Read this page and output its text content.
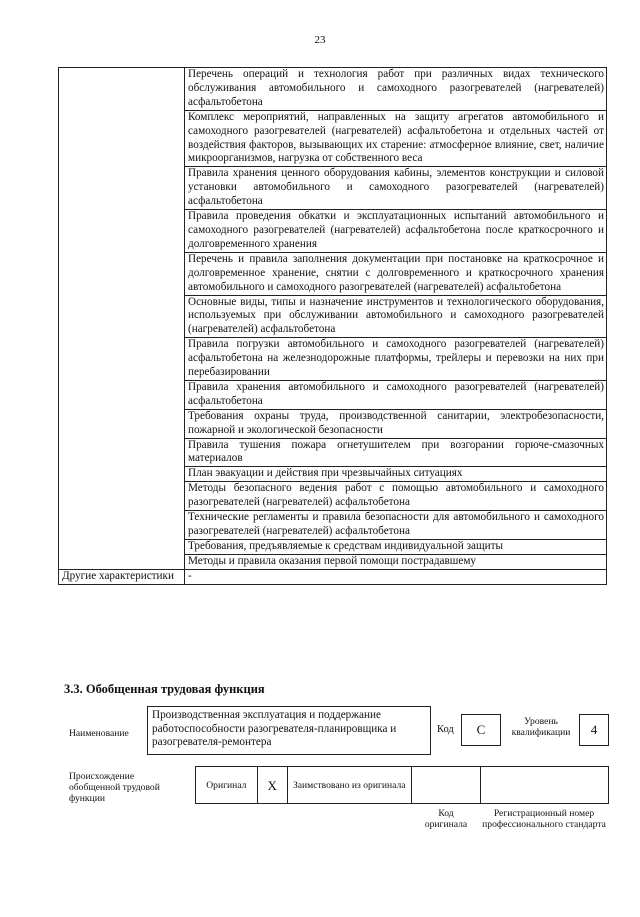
23
	Перечень операций и технология работ при различных видах технического обслуживания автомобильного и самоходного разогревателей (нагревателей) асфальтобетона
	Комплекс мероприятий, направленных на защиту агрегатов автомобильного и самоходного разогревателей (нагревателей) асфальтобетона и отдельных частей от воздействия факторов, вызывающих их старение: атмосферное влияние, свет, наличие микроорганизмов, нагрузка от собственного веса
	Правила хранения ценного оборудования кабины, элементов конструкции и силовой установки автомобильного и самоходного разогревателей (нагревателей) асфальтобетона
	Правила проведения обкатки и эксплуатационных испытаний автомобильного и самоходного разогревателей (нагревателей) асфальтобетона после краткосрочного и долговременного хранения
	Перечень и правила заполнения документации при постановке на краткосрочное и долговременное хранение, снятии с долговременного и краткосрочного хранения автомобильного и самоходного разогревателей (нагревателей) асфальтобетона
	Основные виды, типы и назначение инструментов и технологического оборудования, используемых при обслуживании автомобильного и самоходного разогревателей (нагревателей) асфальтобетона
	Правила погрузки автомобильного и самоходного разогревателей (нагревателей) асфальтобетона на железнодорожные платформы, трейлеры и перевозки на них при перебазировании
	Правила хранения автомобильного и самоходного разогревателей (нагревателей) асфальтобетона
	Требования охраны труда, производственной санитарии, электробезопасности, пожарной и экологической безопасности
	Правила тушения пожара огнетушителем при возгорании горюче-смазочных материалов
	План эвакуации и действия при чрезвычайных ситуациях
	Методы безопасного ведения работ с помощью автомобильного и самоходного разогревателей (нагревателей) асфальтобетона
	Технические регламенты и правила безопасности для автомобильного и самоходного разогревателей (нагревателей) асфальтобетона
	Требования, предъявляемые к средствам индивидуальной защиты
	Методы и правила оказания первой помощи пострадавшему
Другие характеристики	-
3.3. Обобщенная трудовая функция
Наименование
Производственная эксплуатация и поддержание работоспособности разогревателя-планировщика и разогревателя-ремонтера
Код С
Уровень квалификации	4
Происхождение обобщенной трудовой функции
Оригинал X Заимствовано из оригинала
Код оригинала
Регистрационный номер профессионального стандарта
